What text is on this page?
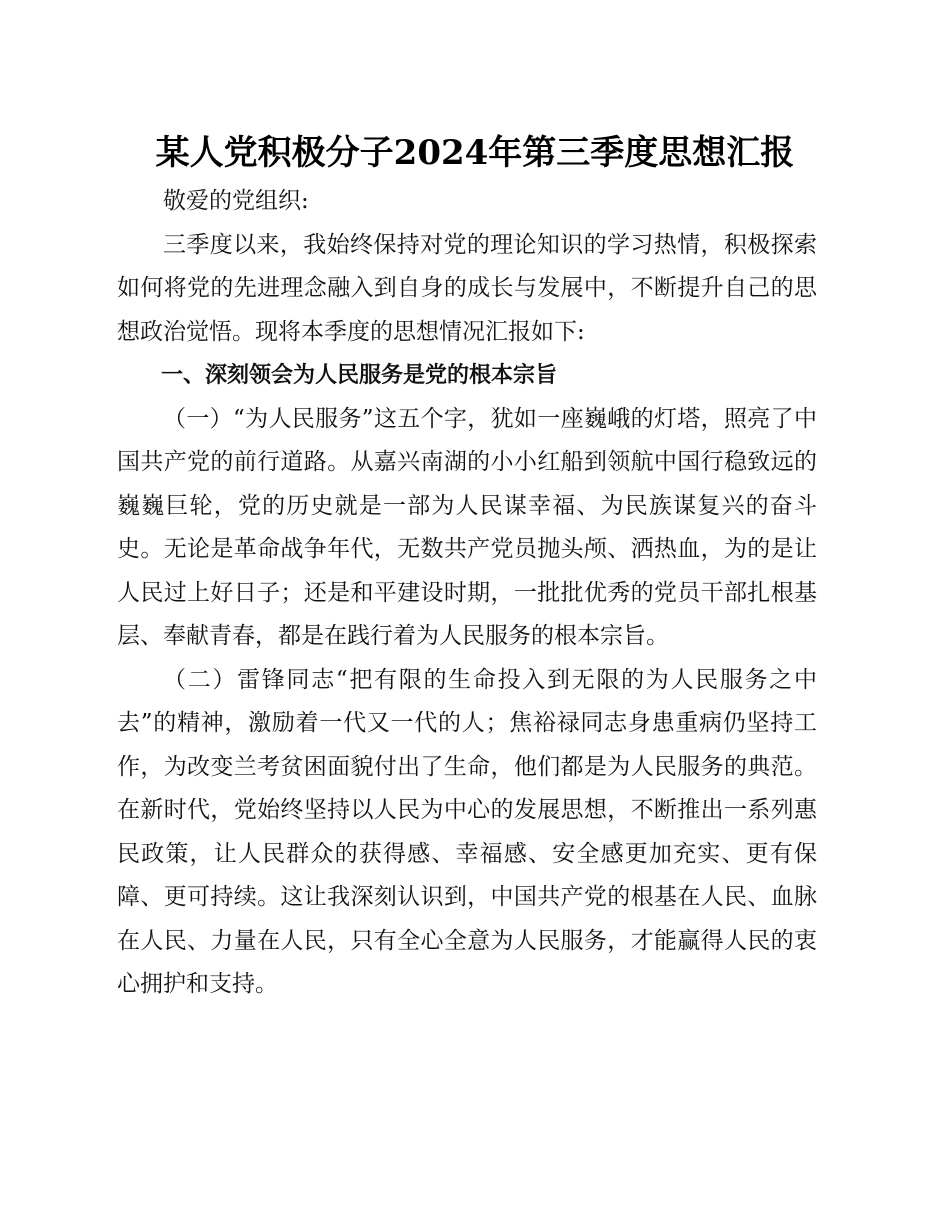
某人党积极分子2024年第三季度思想汇报

敬爱的党组织:

三季度以来，我始终保持对党的理论知识的学习热情，积极探索如何将党的先进理念融入到自身的成长与发展中，不断提升自己的思想政治觉悟。现将本季度的思想情况汇报如下:

一、深刻领会为人民服务是党的根本宗旨

（一）“为人民服务”这五个字，犹如一座巍峨的灯塔，照亮了中国共产党的前行道路。从嘉兴南湖的小小红船到领航中国行稳致远的巍巍巨轮，党的历史就是一部为人民谋幸福、为民族谋复兴的奋斗史。无论是革命战争年代，无数共产党员抛头颅、洒热血，为的是让人民过上好日子；还是和平建设时期，一批批优秀的党员干部扎根基层、奉献青春，都是在践行着为人民服务的根本宗旨。

（二）雷锋同志“把有限的生命投入到无限的为人民服务之中去”的精神，激励着一代又一代的人；焦裕禄同志身患重病仍坚持工作，为改变兰考贫困面貌付出了生命，他们都是为人民服务的典范。在新时代，党始终坚持以人民为中心的发展思想，不断推出一系列惠民政策，让人民群众的获得感、幸福感、安全感更加充实、更有保障、更可持续。这让我深刻认识到，中国共产党的根基在人民、血脉在人民、力量在人民，只有全心全意为人民服务，才能赢得人民的衷心拥护和支持。
